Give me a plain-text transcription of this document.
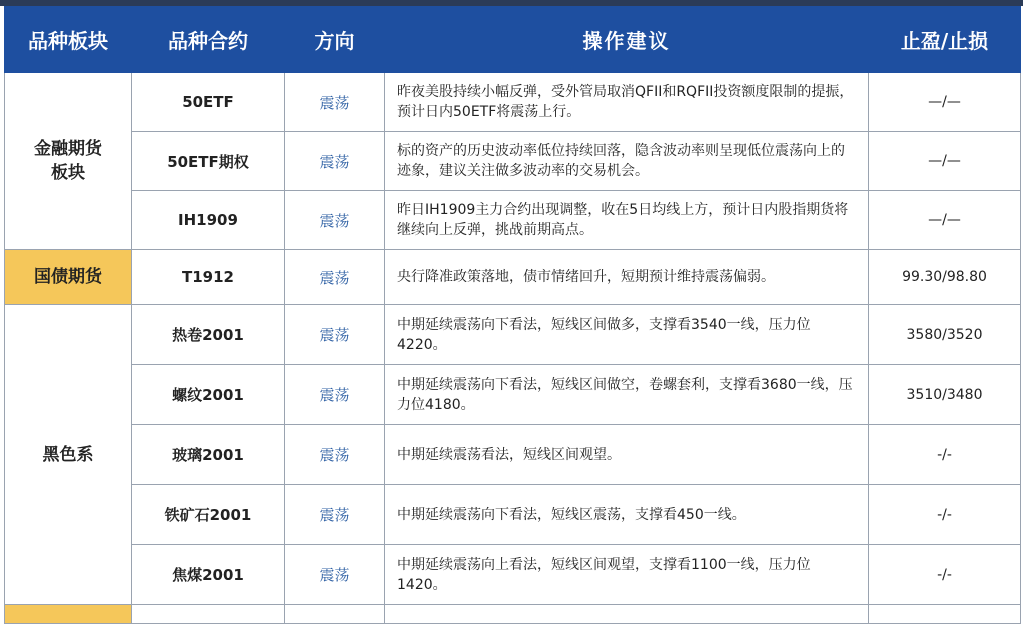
品种板块	品种合约	方向	操作建议	止盈/止损

金融期货
板块	50ETF	震荡	昨夜美股持续小幅反弹，受外管局取消QFII和RQFII投资额度限制的提振，预计日内50ETF将震荡上行。	—/—
	50ETF期权	震荡	标的资产的历史波动率低位持续回落，隐含波动率则呈现低位震荡向上的迹象，建议关注做多波动率的交易机会。	—/—
	IH1909	震荡	昨日IH1909主力合约出现调整，收在5日均线上方，预计日内股指期货将继续向上反弹，挑战前期高点。	—/—
国债期货	T1912	震荡	央行降准政策落地，债市情绪回升，短期预计维持震荡偏弱。	99.30/98.80
黑色系	热卷2001	震荡	中期延续震荡向下看法，短线区间做多，支撑看3540一线，压力位4220。	3580/3520
	螺纹2001	震荡	中期延续震荡向下看法，短线区间做空，卷螺套利，支撑看3680一线，压力位4180。	3510/3480
	玻璃2001	震荡	中期延续震荡看法，短线区间观望。	-/-
	铁矿石2001	震荡	中期延续震荡向下看法，短线区震荡，支撑看450一线。	-/-
	焦煤2001	震荡	中期延续震荡向上看法，短线区间观望，支撑看1100一线，压力位1420。	-/-
